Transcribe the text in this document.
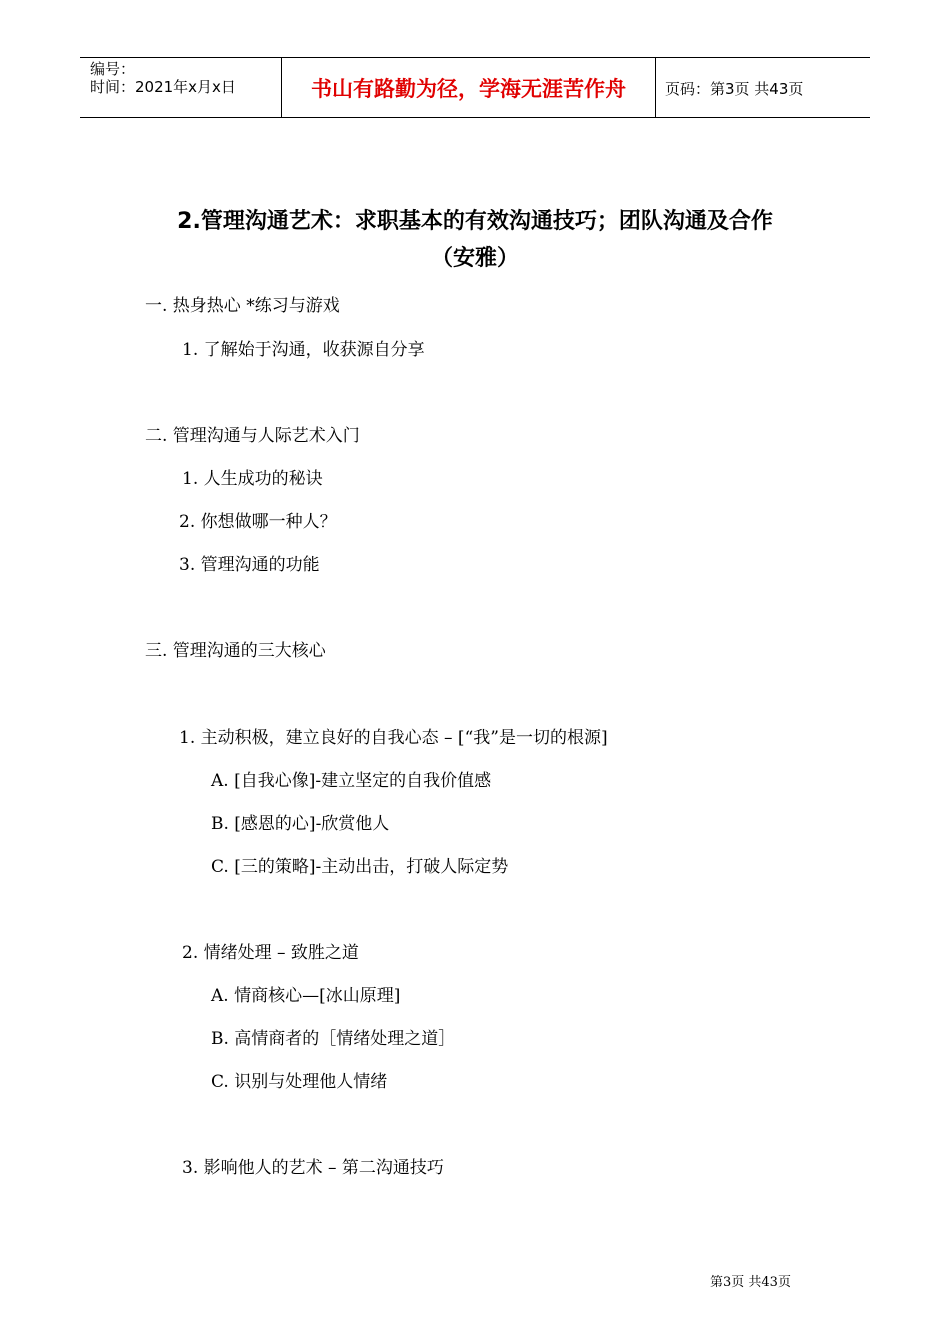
编号：
时间：2021年x月x日	书山有路勤为径，学海无涯苦作舟	页码：第3页 共43页
2.管理沟通艺术：求职基本的有效沟通技巧；团队沟通及合作
（安雅）
一. 热身热心 *练习与游戏
1. 了解始于沟通，收获源自分享
二. 管理沟通与人际艺术入门
1. 人生成功的秘诀
2. 你想做哪一种人？
3. 管理沟通的功能
三. 管理沟通的三大核心
1. 主动积极，建立良好的自我心态 – [“我”是一切的根源]
A. [自我心像]-建立坚定的自我价值感
B. [感恩的心]-欣赏他人
C. [三的策略]-主动出击，打破人际定势
2. 情绪处理 – 致胜之道
A. 情商核心—[冰山原理]
B. 高情商者的［情绪处理之道］
C. 识别与处理他人情绪
3. 影响他人的艺术 – 第二沟通技巧
第3页 共43页
